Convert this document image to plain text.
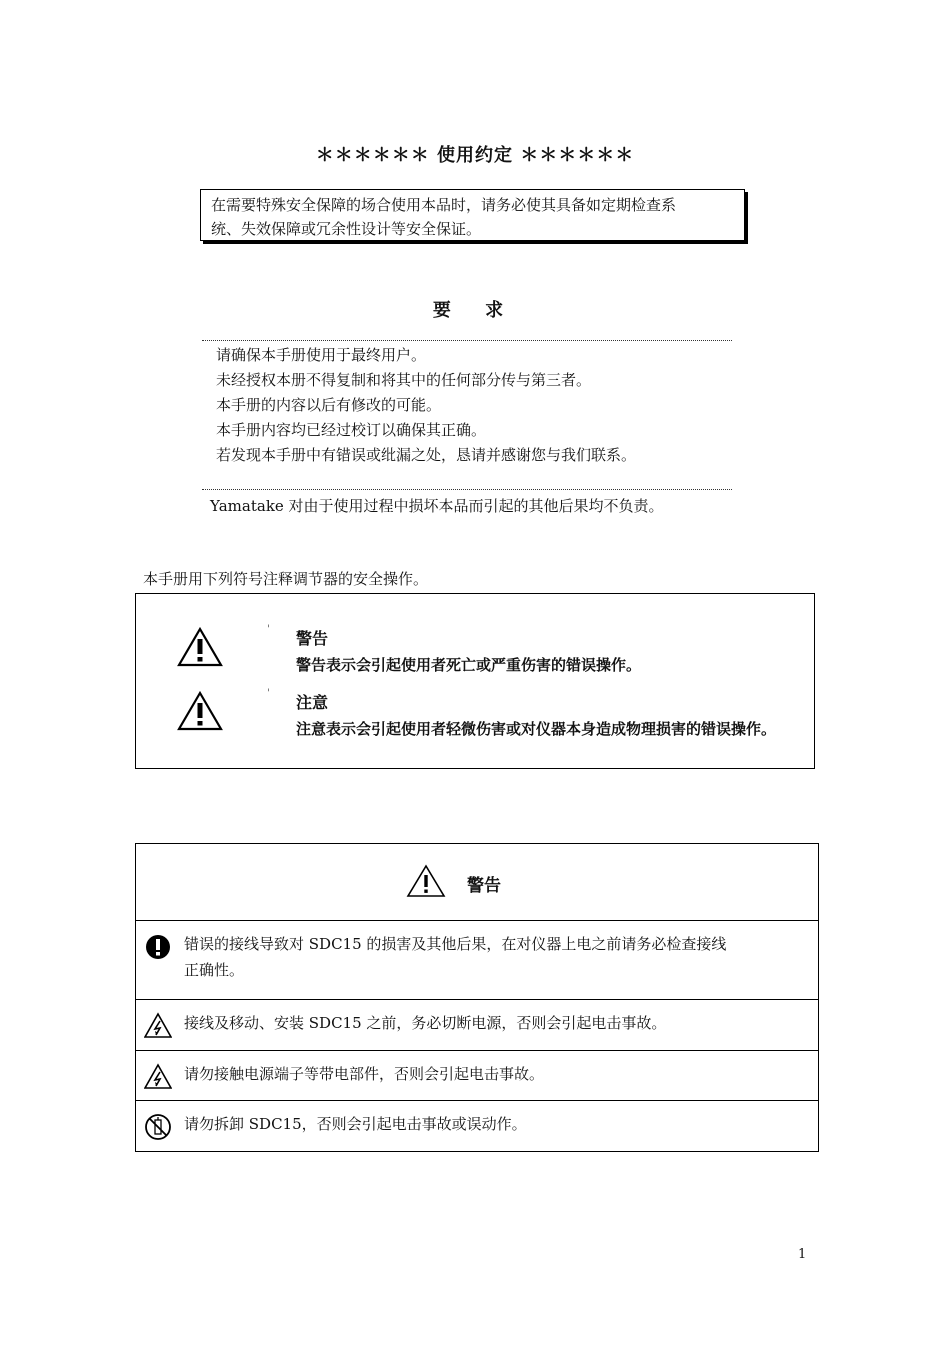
＊＊＊＊＊＊ 使用约定 ＊＊＊＊＊＊
在需要特殊安全保障的场合使用本品时，请务必使其具备如定期检查系
统、失效保障或冗余性设计等安全保证。
要 求
请确保本手册使用于最终用户。
未经授权本册不得复制和将其中的任何部分传与第三者。
本手册的内容以后有修改的可能。
本手册内容均已经过校订以确保其正确。
若发现本手册中有错误或纰漏之处，恳请并感谢您与我们联系。
Yamatake 对由于使用过程中损坏本品而引起的其他后果均不负责。
本手册用下列符号注释调节器的安全操作。
' 警告
警告表示会引起使用者死亡或严重伤害的错误操作。
' 注意
注意表示会引起使用者轻微伤害或对仪器本身造成物理损害的错误操作。
警告
错误的接线导致对 SDC15 的损害及其他后果，在对仪器上电之前请务必检查接线
正确性。
接线及移动、安装 SDC15 之前，务必切断电源，否则会引起电击事故。
请勿接触电源端子等带电部件，否则会引起电击事故。
请勿拆卸 SDC15，否则会引起电击事故或误动作。
1
